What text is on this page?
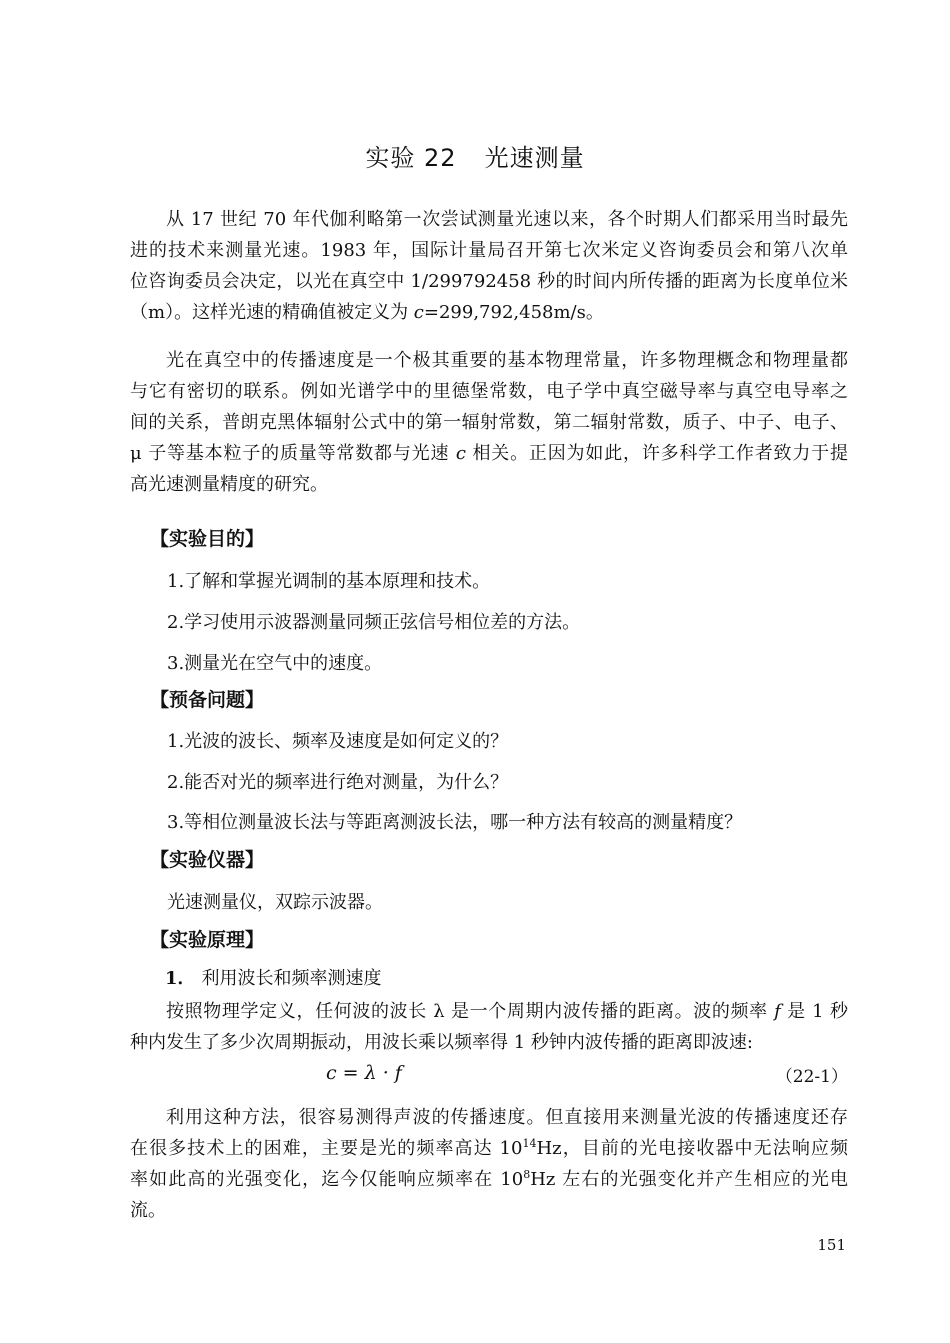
实验 22 光速测量
从 17 世纪 70 年代伽利略第一次尝试测量光速以来，各个时期人们都采用当时最先
进的技术来测量光速。1983 年，国际计量局召开第七次米定义咨询委员会和第八次单
位咨询委员会决定，以光在真空中 1/299792458 秒的时间内所传播的距离为长度单位米
（m）。这样光速的精确值被定义为 c=299,792,458m/s。
光在真空中的传播速度是一个极其重要的基本物理常量，许多物理概念和物理量都
与它有密切的联系。例如光谱学中的里德堡常数，电子学中真空磁导率与真空电导率之
间的关系，普朗克黑体辐射公式中的第一辐射常数，第二辐射常数，质子、中子、电子、
μ 子等基本粒子的质量等常数都与光速 c 相关。正因为如此，许多科学工作者致力于提
高光速测量精度的研究。
【实验目的】
1.了解和掌握光调制的基本原理和技术。
2.学习使用示波器测量同频正弦信号相位差的方法。
3.测量光在空气中的速度。
【预备问题】
1.光波的波长、频率及速度是如何定义的？
2.能否对光的频率进行绝对测量，为什么？
3.等相位测量波长法与等距离测波长法，哪一种方法有较高的测量精度？
【实验仪器】
光速测量仪，双踪示波器。
【实验原理】
1． 利用波长和频率测速度
按照物理学定义，任何波的波长 λ 是一个周期内波传播的距离。波的频率 f 是 1 秒
种内发生了多少次周期振动，用波长乘以频率得 1 秒钟内波传播的距离即波速:
c = λ · f	（22-1）
利用这种方法，很容易测得声波的传播速度。但直接用来测量光波的传播速度还存
在很多技术上的困难，主要是光的频率高达 $10^{14}Hz$，目前的光电接收器中无法响应频
率如此高的光强变化，迄今仅能响应频率在 $10^8Hz$ 左右的光强变化并产生相应的光电
流。
151
